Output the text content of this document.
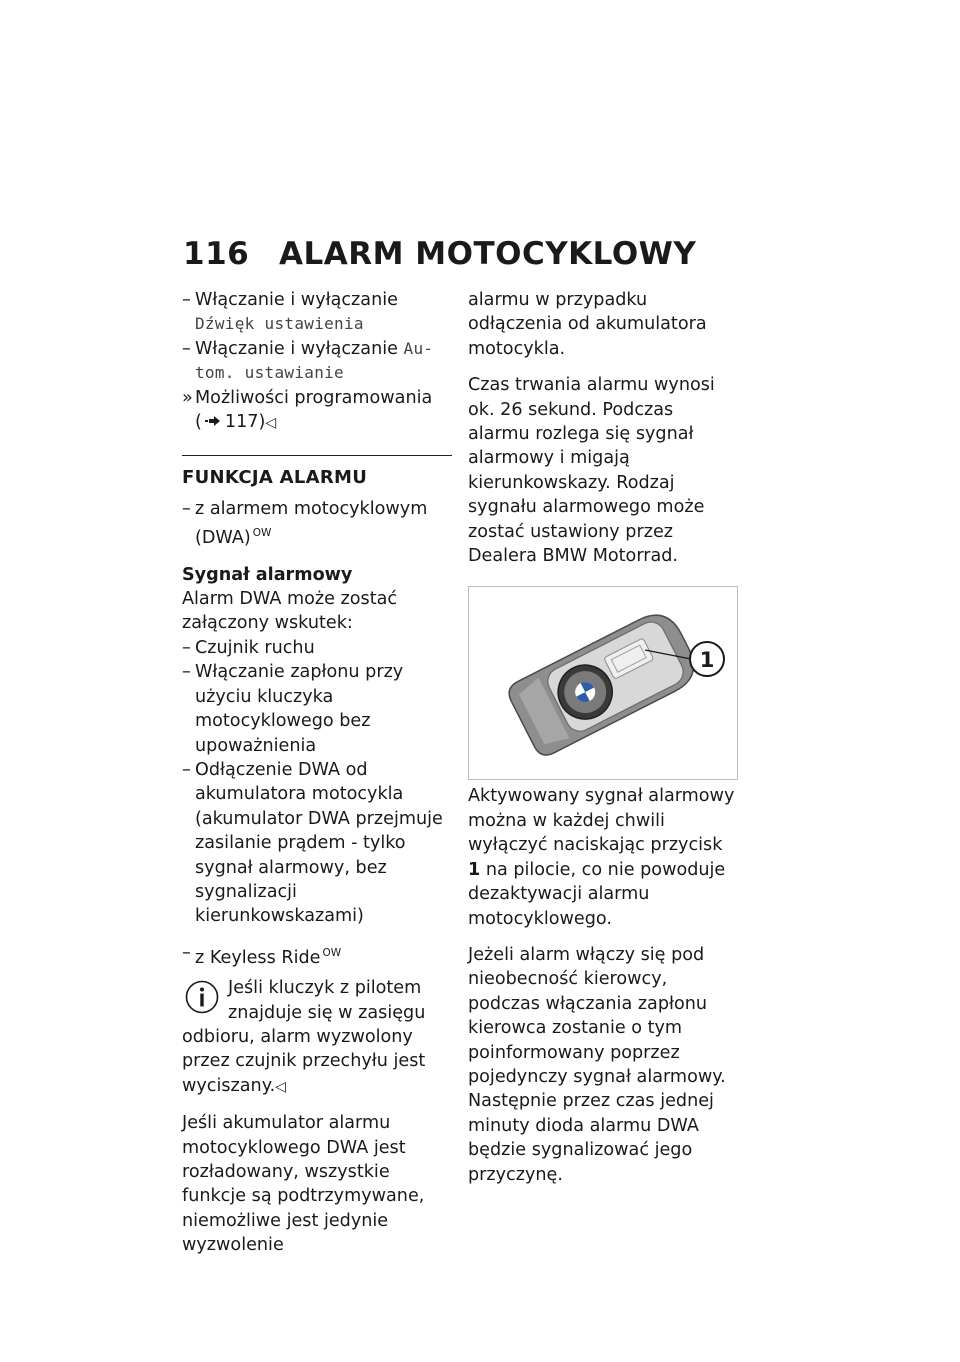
116 ALARM MOTOCYKLOWY
– Włączanie i wyłączanie
Dźwięk ustawienia
– Włączanie i wyłączanie Au-
tom. ustawianie
» Możliwości programowania
( 117)◁
FUNKCJA ALARMU
– z alarmem motocyklowym
(DWA) $^{OW}$
Sygnał alarmowy
Alarm DWA może zostać załączony wskutek:
– Czujnik ruchu
– Włączanie zapłonu przy użyciu kluczyka motocyklowego bez upoważnienia
– Odłączenie DWA od akumulatora motocykla (akumulator DWA przejmuje zasilanie prądem - tylko sygnał alarmowy, bez sygnalizacji kierunkowskazami)
– z Keyless Ride $^{OW}$
Jeśli kluczyk z pilotem
znajduje się w zasięgu
odbioru, alarm wyzwolony przez czujnik przechyłu jest wyciszany.◁
Jeśli akumulator alarmu motocyklowego DWA jest rozładowany, wszystkie funkcje są podtrzymywane, niemożliwe jest jedynie wyzwolenie
alarmu w przypadku odłączenia od akumulatora motocykla.
Czas trwania alarmu wynosi ok. 26 sekund. Podczas alarmu rozlega się sygnał alarmowy i migają kierunkowskazy. Rodzaj sygnału alarmowego może zostać ustawiony przez Dealera BMW Motorrad.
1
Aktywowany sygnał alarmowy można w każdej chwili wyłączyć naciskając przycisk 1 na pilocie, co nie powoduje dezaktywacji alarmu motocyklowego.
Jeżeli alarm włączy się pod nieobecność kierowcy, podczas włączania zapłonu kierowca zostanie o tym poinformowany poprzez pojedynczy sygnał alarmowy. Następnie przez czas jednej minuty dioda alarmu DWA będzie sygnalizować jego przyczynę.
